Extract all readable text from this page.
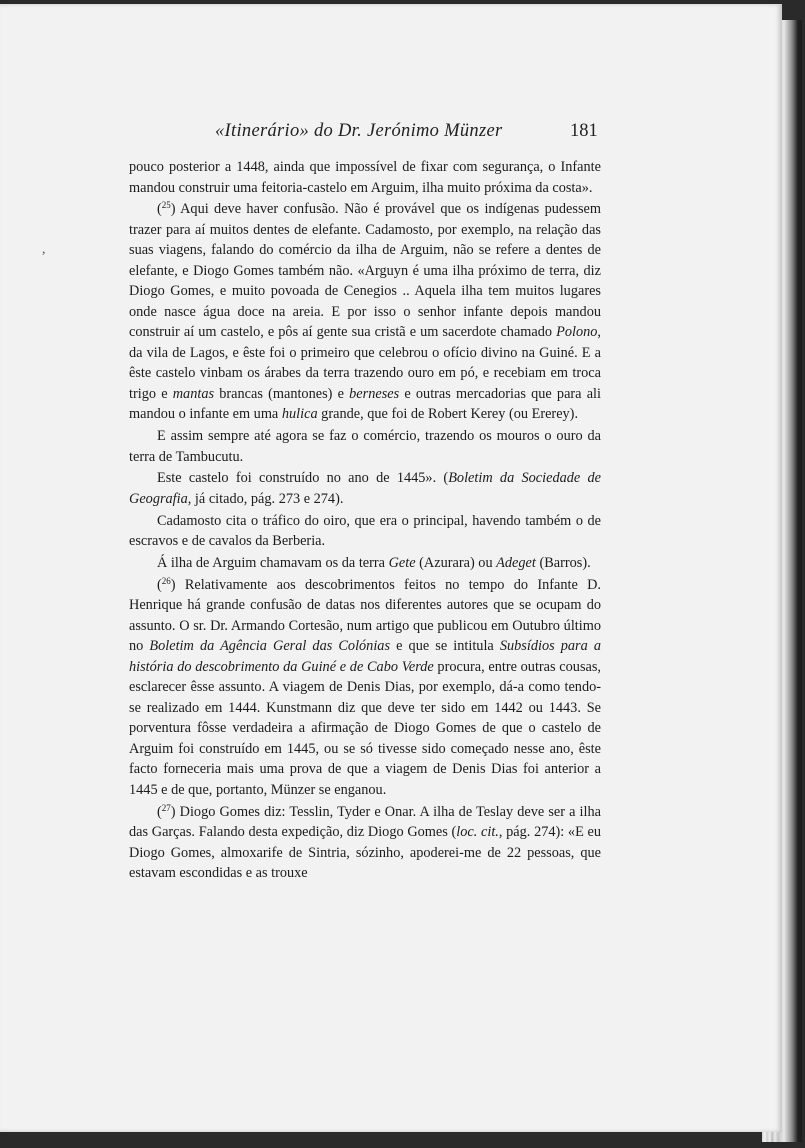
«Itinerário» do Dr. Jerónimo Münzer	181
,

pouco posterior a 1448, ainda que impossível de fixar com segurança, o Infante mandou construir uma feitoria-castelo em Arguim, ilha muito próxima da costa».

($^{25}$) Aqui deve haver confusão. Não é provável que os indígenas pudessem trazer para aí muitos dentes de elefante. Cadamosto, por exemplo, na relação das suas viagens, falando do comércio da ilha de Arguim, não se refere a dentes de elefante, e Diogo Gomes também não. «Arguyn é uma ilha próximo de terra, diz Diogo Gomes, e muito povoada de Cenegios .. Aquela ilha tem muitos lugares onde nasce água doce na areia. E por isso o senhor infante depois mandou construir aí um castelo, e pôs aí gente sua cristã e um sacerdote chamado Polono, da vila de Lagos, e êste foi o primeiro que celebrou o ofício divino na Guiné. E a êste castelo vinbam os árabes da terra trazendo ouro em pó, e recebiam em troca trigo e mantas brancas (mantones) e berneses e outras mercadorias que para ali mandou o infante em uma hulica grande, que foi de Robert Kerey (ou Ererey).

E assim sempre até agora se faz o comércio, trazendo os mouros o ouro da terra de Tambucutu.

Este castelo foi construído no ano de 1445». (Boletim da Sociedade de Geografia, já citado, pág. 273 e 274).

Cadamosto cita o tráfico do oiro, que era o principal, havendo também o de escravos e de cavalos da Berberia.

Á ilha de Arguim chamavam os da terra Gete (Azurara) ou Adeget (Barros).

($^{26}$) Relativamente aos descobrimentos feitos no tempo do Infante D. Henrique há grande confusão de datas nos diferentes autores que se ocupam do assunto. O sr. Dr. Armando Cortesão, num artigo que publicou em Outubro último no Boletim da Agência Geral das Colónias e que se intitula Subsídios para a história do descobrimento da Guiné e de Cabo Verde procura, entre outras cousas, esclarecer êsse assunto. A viagem de Denis Dias, por exemplo, dá-a como tendo-se realizado em 1444. Kunstmann diz que deve ter sido em 1442 ou 1443. Se porventura fôsse verdadeira a afirmação de Diogo Gomes de que o castelo de Arguim foi construído em 1445, ou se só tivesse sido começado nesse ano, êste facto forneceria mais uma prova de que a viagem de Denis Dias foi anterior a 1445 e de que, portanto, Münzer se enganou.

($^{27}$) Diogo Gomes diz: Tesslin, Tyder e Onar. A ilha de Teslay deve ser a ilha das Garças. Falando desta expedição, diz Diogo Gomes (loc. cit., pág. 274): «E eu Diogo Gomes, almoxarife de Sintria, sózinho, apoderei-me de 22 pessoas, que estavam escondidas e as trouxe
